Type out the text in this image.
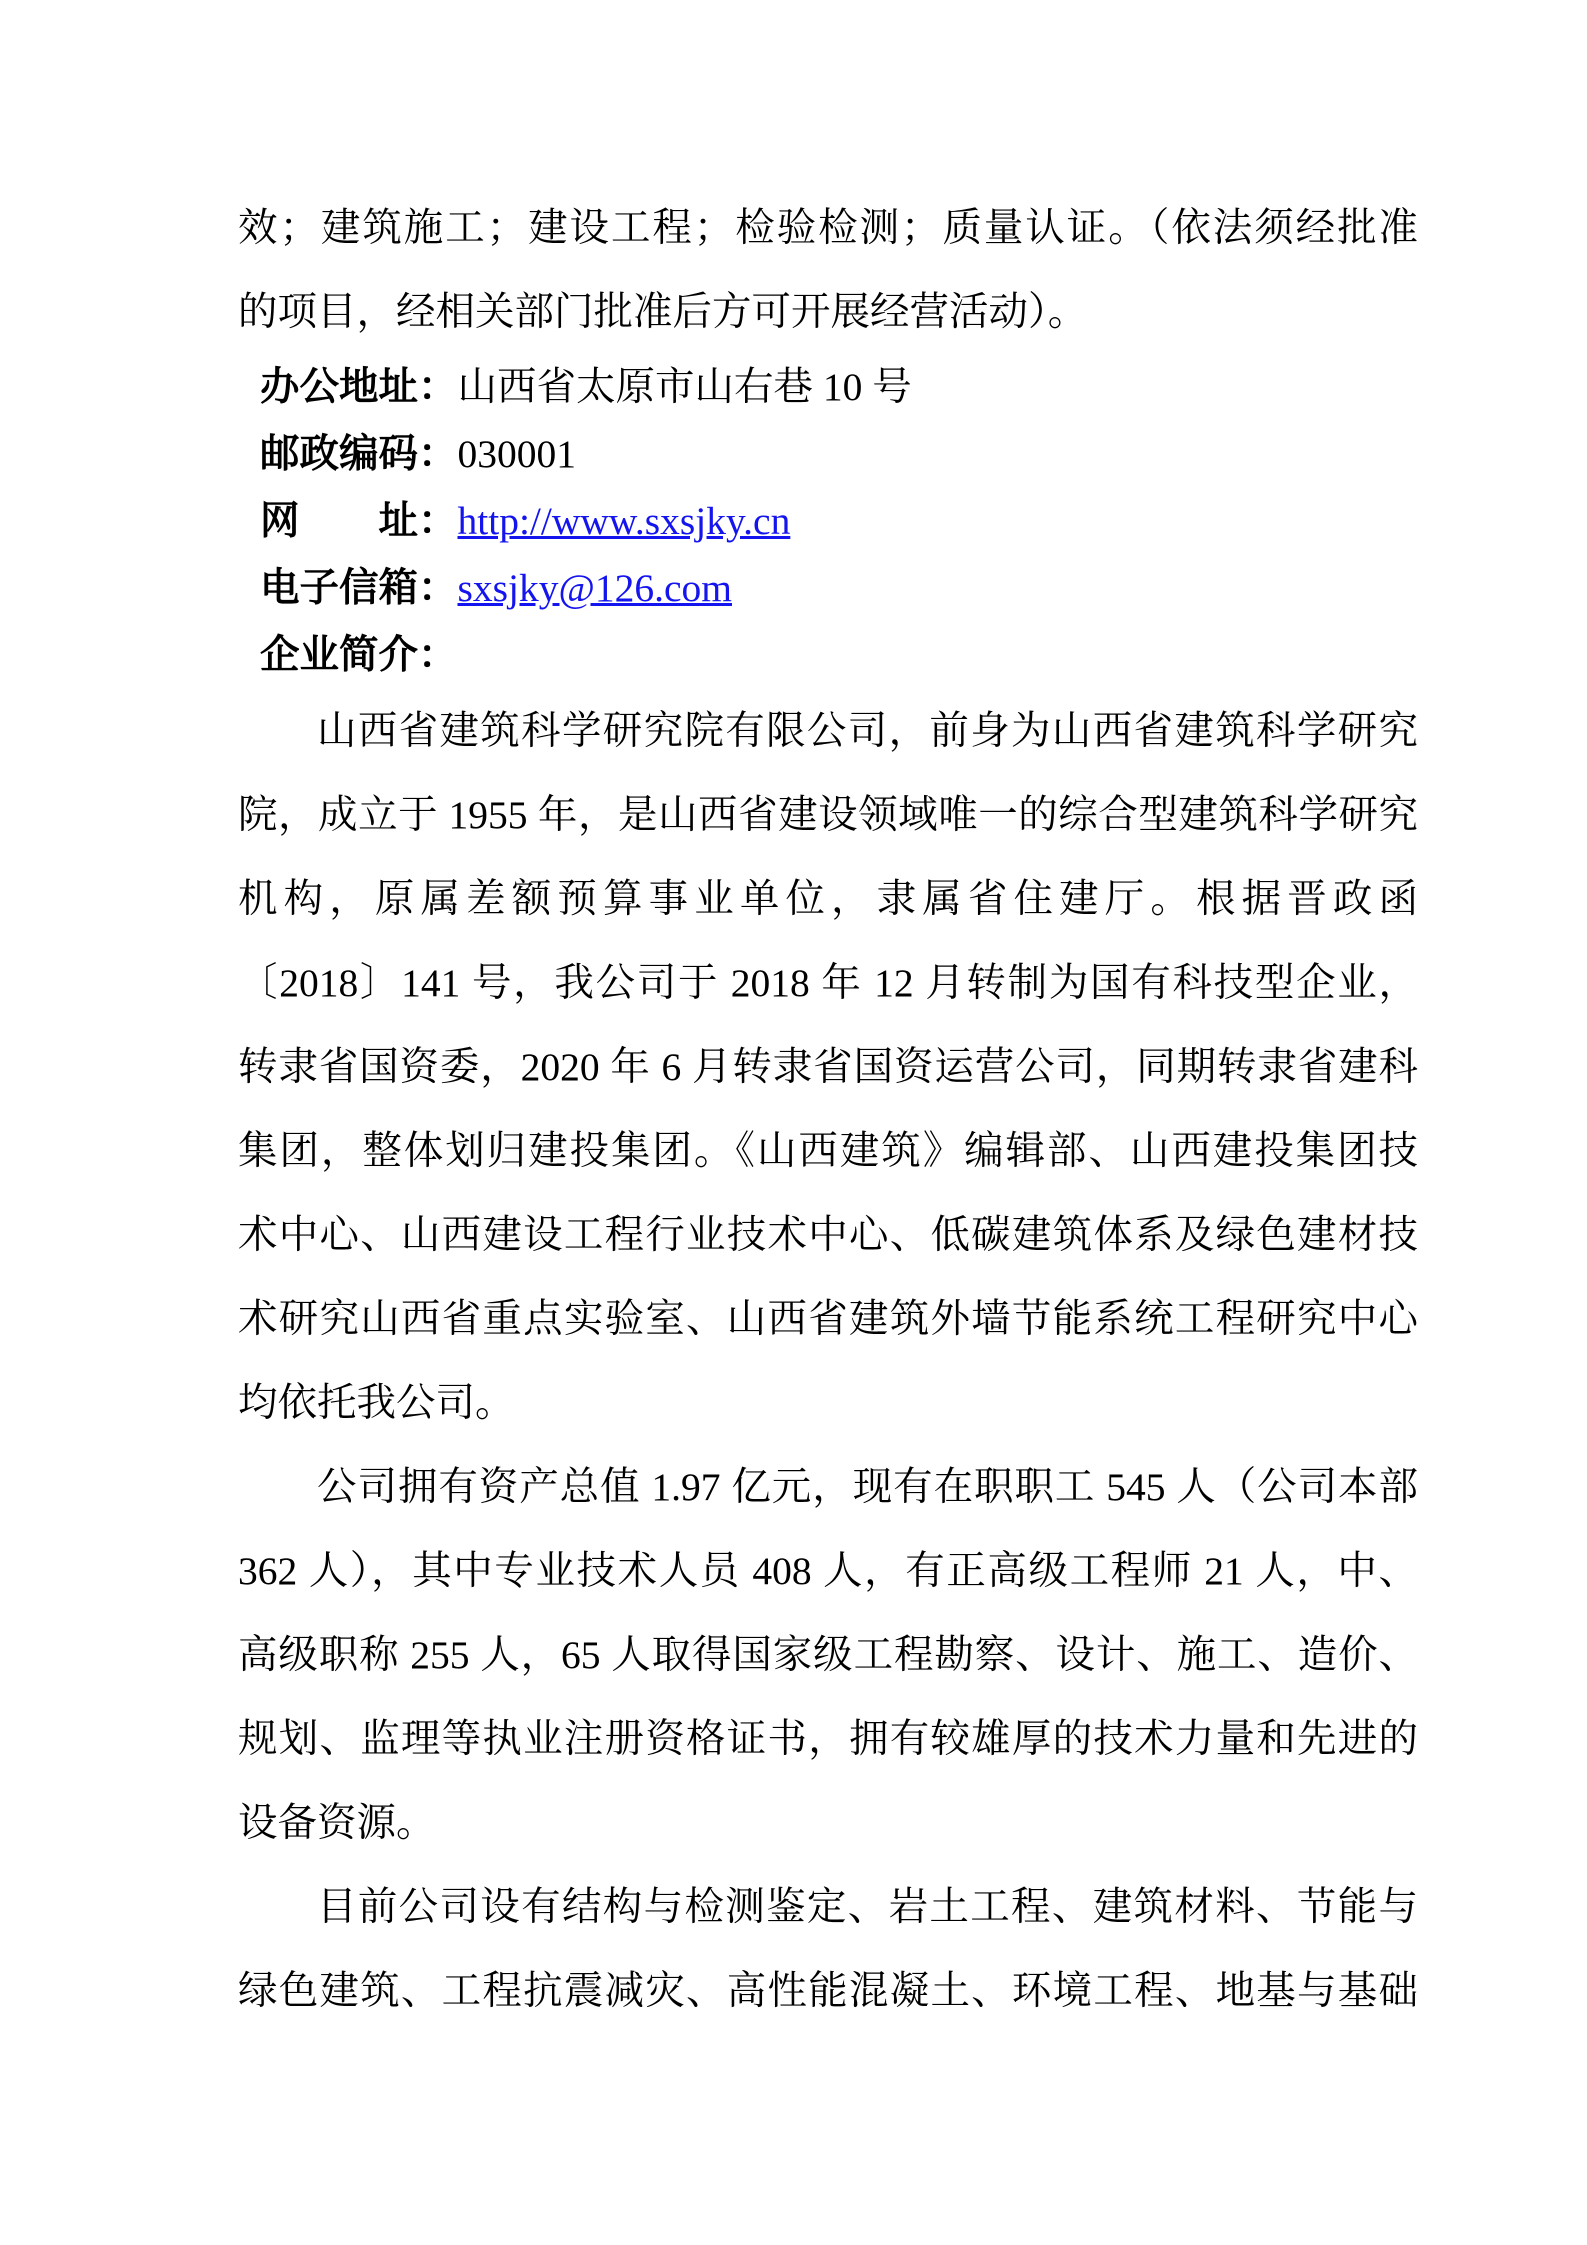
效；建筑施工；建设工程；检验检测；质量认证。（依法须经批准
的项目，经相关部门批准后方可开展经营活动）。
办公地址：山西省太原市山右巷 10 号
邮政编码：030001
网址：http://www.sxsjky.cn
电子信箱：sxsjky@126.com
企业简介：
山西省建筑科学研究院有限公司，前身为山西省建筑科学研究
院，成立于 1955 年，是山西省建设领域唯一的综合型建筑科学研究
机构，原属差额预算事业单位，隶属省住建厅。根据晋政函
〔2018〕141 号，我公司于 2018 年 12 月转制为国有科技型企业，
转隶省国资委，2020 年 6 月转隶省国资运营公司，同期转隶省建科
集团，整体划归建投集团。《山西建筑》编辑部、山西建投集团技
术中心、山西建设工程行业技术中心、低碳建筑体系及绿色建材技
术研究山西省重点实验室、山西省建筑外墙节能系统工程研究中心
均依托我公司。
公司拥有资产总值 1.97 亿元，现有在职职工 545 人（公司本部
362 人），其中专业技术人员 408 人，有正高级工程师 21 人，中、
高级职称 255 人，65 人取得国家级工程勘察、设计、施工、造价、
规划、监理等执业注册资格证书，拥有较雄厚的技术力量和先进的
设备资源。
目前公司设有结构与检测鉴定、岩土工程、建筑材料、节能与
绿色建筑、工程抗震减灾、高性能混凝土、环境工程、地基与基础
